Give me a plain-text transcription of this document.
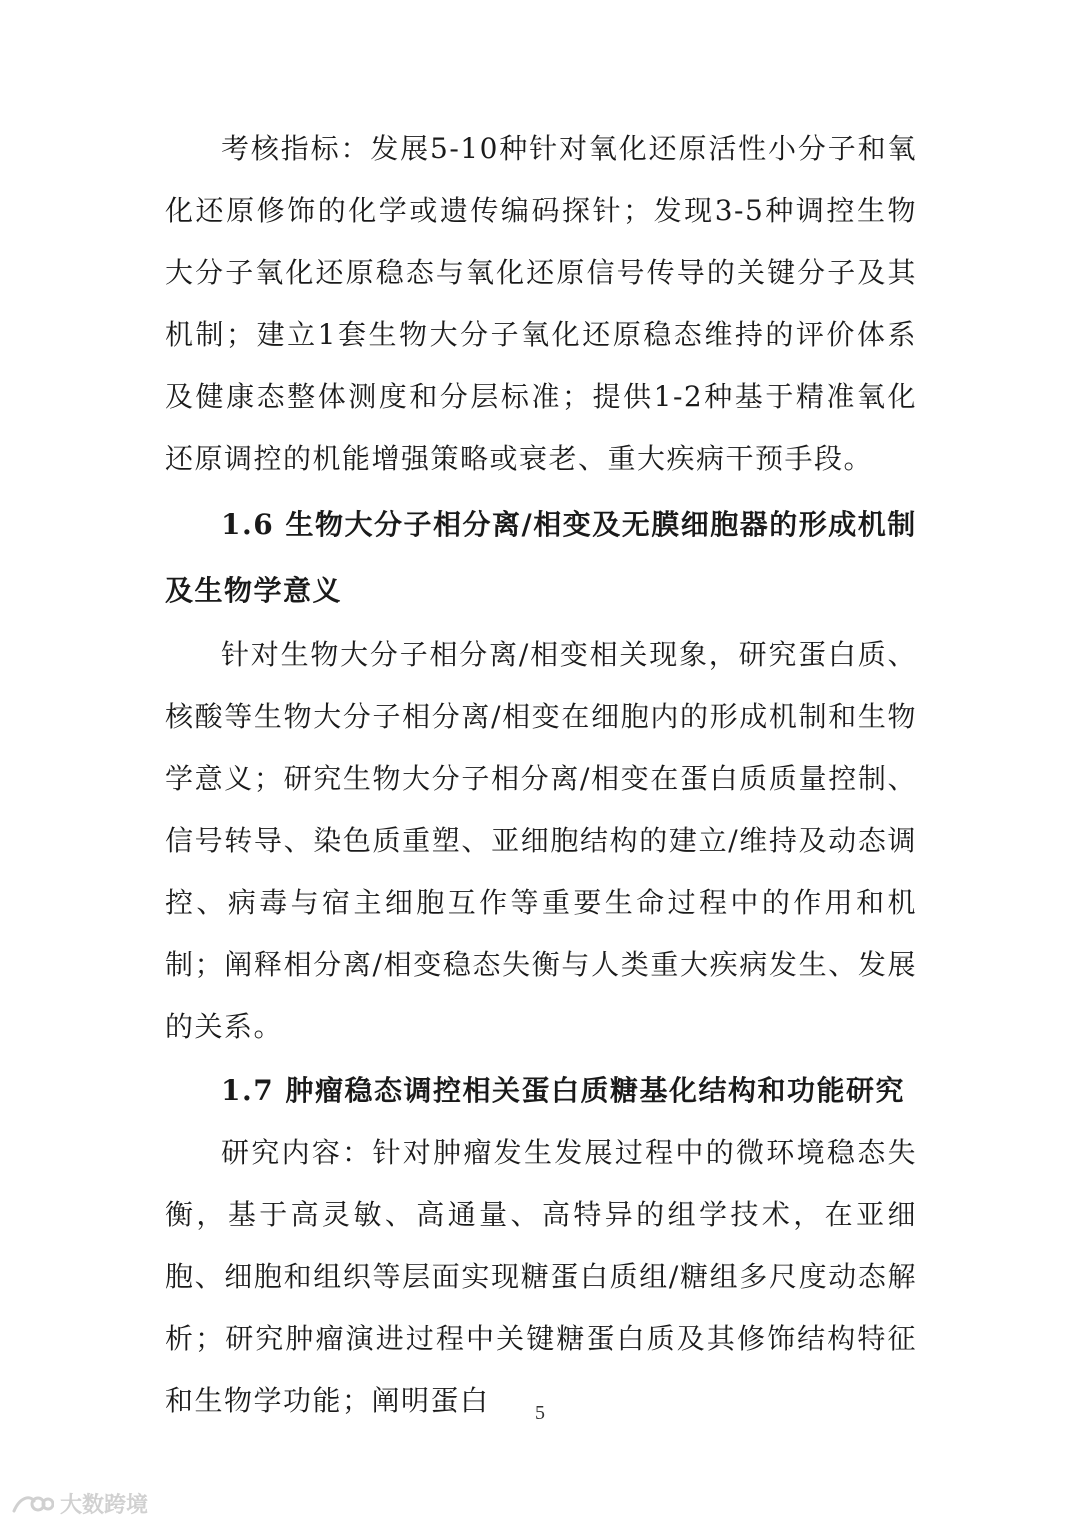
考核指标：发展5-10种针对氧化还原活性小分子和氧化还原修饰的化学或遗传编码探针；发现3-5种调控生物大分子氧化还原稳态与氧化还原信号传导的关键分子及其机制；建立1套生物大分子氧化还原稳态维持的评价体系及健康态整体测度和分层标准；提供1-2种基于精准氧化还原调控的机能增强策略或衰老、重大疾病干预手段。

1.6 生物大分子相分离/相变及无膜细胞器的形成机制及生物学意义

针对生物大分子相分离/相变相关现象，研究蛋白质、核酸等生物大分子相分离/相变在细胞内的形成机制和生物学意义；研究生物大分子相分离/相变在蛋白质质量控制、信号转导、染色质重塑、亚细胞结构的建立/维持及动态调控、病毒与宿主细胞互作等重要生命过程中的作用和机制；阐释相分离/相变稳态失衡与人类重大疾病发生、发展的关系。

1.7 肿瘤稳态调控相关蛋白质糖基化结构和功能研究

研究内容：针对肿瘤发生发展过程中的微环境稳态失衡，基于高灵敏、高通量、高特异的组学技术，在亚细胞、细胞和组织等层面实现糖蛋白质组/糖组多尺度动态解析；研究肿瘤演进过程中关键糖蛋白质及其修饰结构特征和生物学功能；阐明蛋白	5
大数跨境
